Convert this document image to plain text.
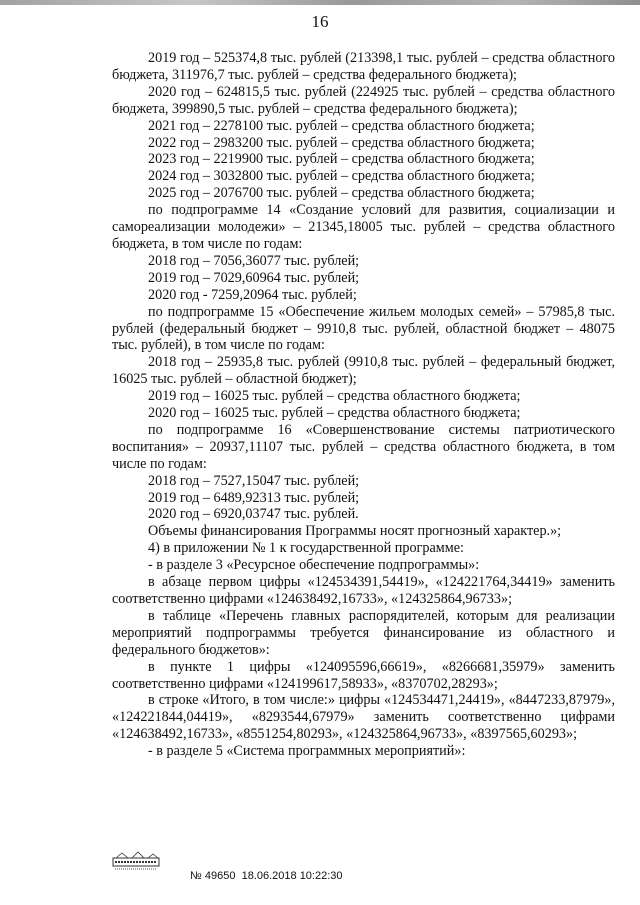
16

2019 год – 525374,8 тыс. рублей (213398,1 тыс. рублей – средства областного бюджета, 311976,7 тыс. рублей – средства федерального бюджета);

2020 год – 624815,5 тыс. рублей (224925 тыс. рублей – средства областного бюджета, 399890,5 тыс. рублей – средства федерального бюджета);

2021 год – 2278100 тыс. рублей – средства областного бюджета;

2022 год – 2983200 тыс. рублей – средства областного бюджета;

2023 год – 2219900 тыс. рублей – средства областного бюджета;

2024 год – 3032800 тыс. рублей – средства областного бюджета;

2025 год – 2076700 тыс. рублей – средства областного бюджета;

по подпрограмме 14 «Создание условий для развития, социализации и самореализации молодежи» – 21345,18005 тыс. рублей – средства областного бюджета, в том числе по годам:

2018 год – 7056,36077 тыс. рублей;

2019 год – 7029,60964 тыс. рублей;

2020 год - 7259,20964 тыс. рублей;

по подпрограмме 15 «Обеспечение жильем молодых семей» – 57985,8 тыс. рублей (федеральный бюджет – 9910,8 тыс. рублей, областной бюджет – 48075 тыс. рублей), в том числе по годам:

2018 год – 25935,8 тыс. рублей (9910,8 тыс. рублей – федеральный бюджет, 16025 тыс. рублей – областной бюджет);

2019 год – 16025 тыс. рублей – средства областного бюджета;

2020 год – 16025 тыс. рублей – средства областного бюджета;

по подпрограмме 16 «Совершенствование системы патриотического воспитания» – 20937,11107 тыс. рублей – средства областного бюджета, в том числе по годам:

2018 год – 7527,15047 тыс. рублей;

2019 год – 6489,92313 тыс. рублей;

2020 год – 6920,03747 тыс. рублей.

Объемы финансирования Программы носят прогнозный характер.»;

4) в приложении № 1 к государственной программе:

- в разделе 3 «Ресурсное обеспечение подпрограммы»:

в абзаце первом цифры «124534391,54419», «124221764,34419» заменить соответственно цифрами «124638492,16733», «124325864,96733»;

в таблице «Перечень главных распорядителей, которым для реализации мероприятий подпрограммы требуется финансирование из областного и федерального бюджетов»:

в пункте 1 цифры «124095596,66619», «8266681,35979» заменить соответственно цифрами «124199617,58933», «8370702,28293»;

в строке «Итого, в том числе:» цифры «124534471,24419», «8447233,87979», «124221844,04419», «8293544,67979» заменить соответственно цифрами «124638492,16733», «8551254,80293», «124325864,96733», «8397565,60293»;

- в разделе 5 «Система программных мероприятий»:

№ 49650 18.06.2018 10:22:30
